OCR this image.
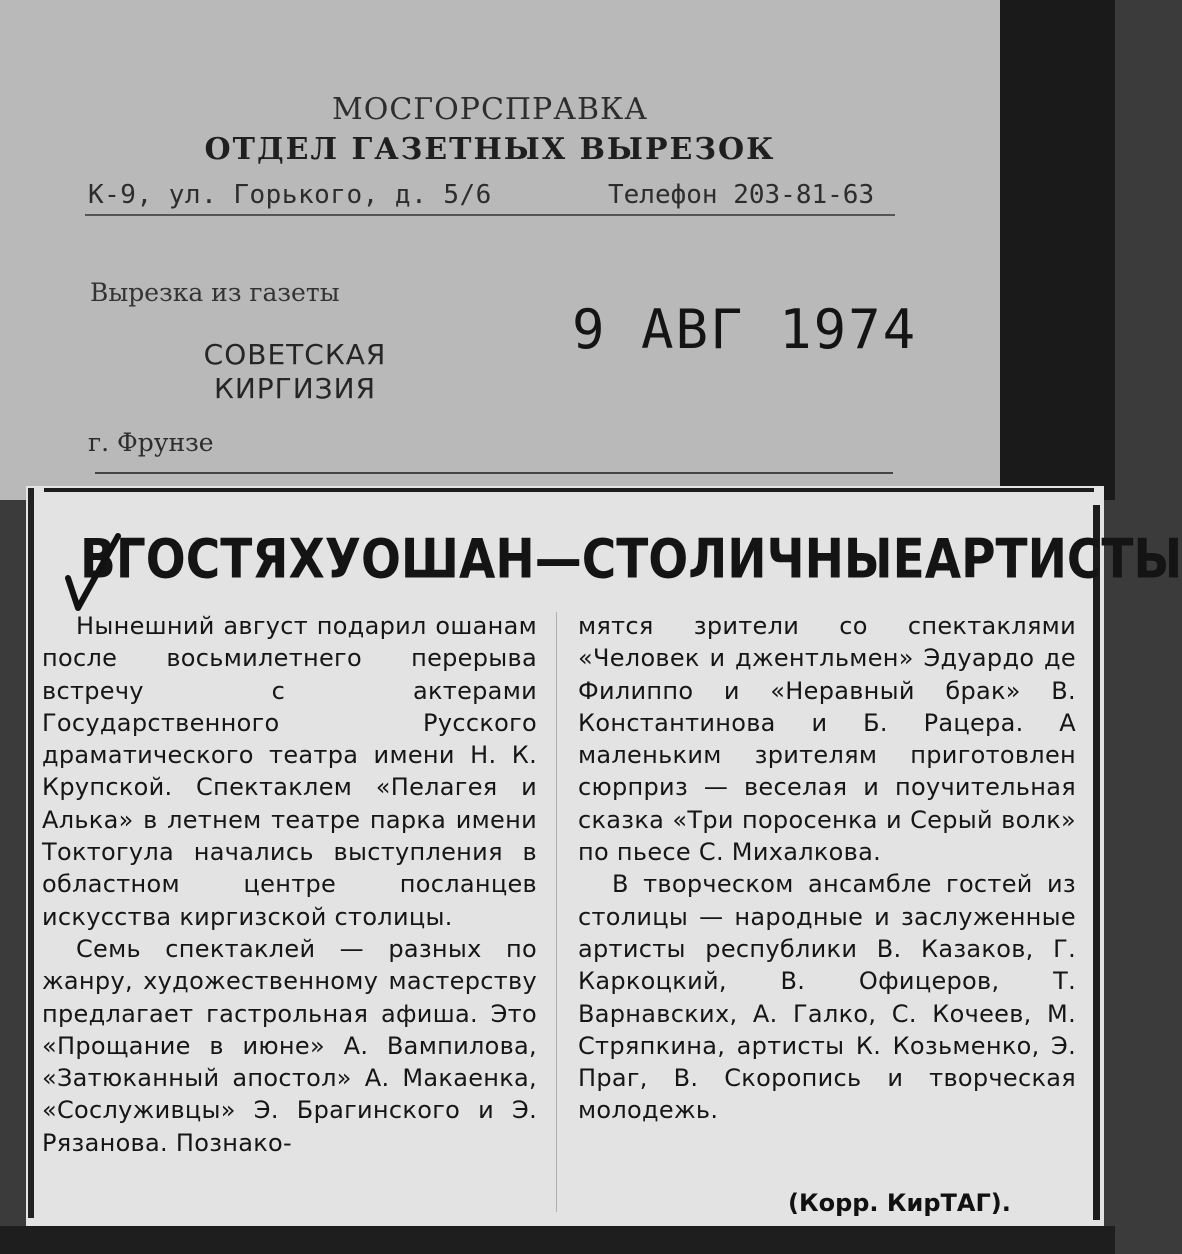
МОСГОРСПРАВКА
ОТДЕЛ ГАЗЕТНЫХ ВЫРЕЗОК
К-9, ул. Горького, д. 5/6	Телефон 203-81-63
Вырезка из газеты
СОВЕТСКАЯ
КИРГИЗИЯ
9 АВГ 1974
г. Фрунзе
В ГОСТЯХ У ОШАН — СТОЛИЧНЫЕ АРТИСТЫ

Нынешний август подарил ошанам после восьмилетнего перерыва встречу с актерами Государственного Русского драматического театра имени Н. К. Крупской. Спектаклем «Пелагея и Алька» в летнем театре парка имени Токтогула начались выступления в областном центре посланцев искусства киргизской столицы.

Семь спектаклей — разных по жанру, художественному мастерству предлагает гастрольная афиша. Это «Прощание в июне» А. Вампилова, «Затюканный апостол» А. Макаенка, «Сослуживцы» Э. Брагинского и Э. Рязанова. Познако-

мятся зрители со спектаклями «Человек и джентльмен» Эдуардо де Филиппо и «Неравный брак» В. Константинова и Б. Рацера. А маленьким зрителям приготовлен сюрприз — веселая и поучительная сказка «Три поросенка и Серый волк» по пьесе С. Михалкова.

В творческом ансамбле гостей из столицы — народные и заслуженные артисты республики В. Казаков, Г. Каркоцкий, В. Офицеров, Т. Варнавских, А. Галко, С. Кочеев, М. Стряпкина, артисты К. Козьменко, Э. Праг, В. Скоропись и творческая молодежь.

(Корр. КирТАГ).
